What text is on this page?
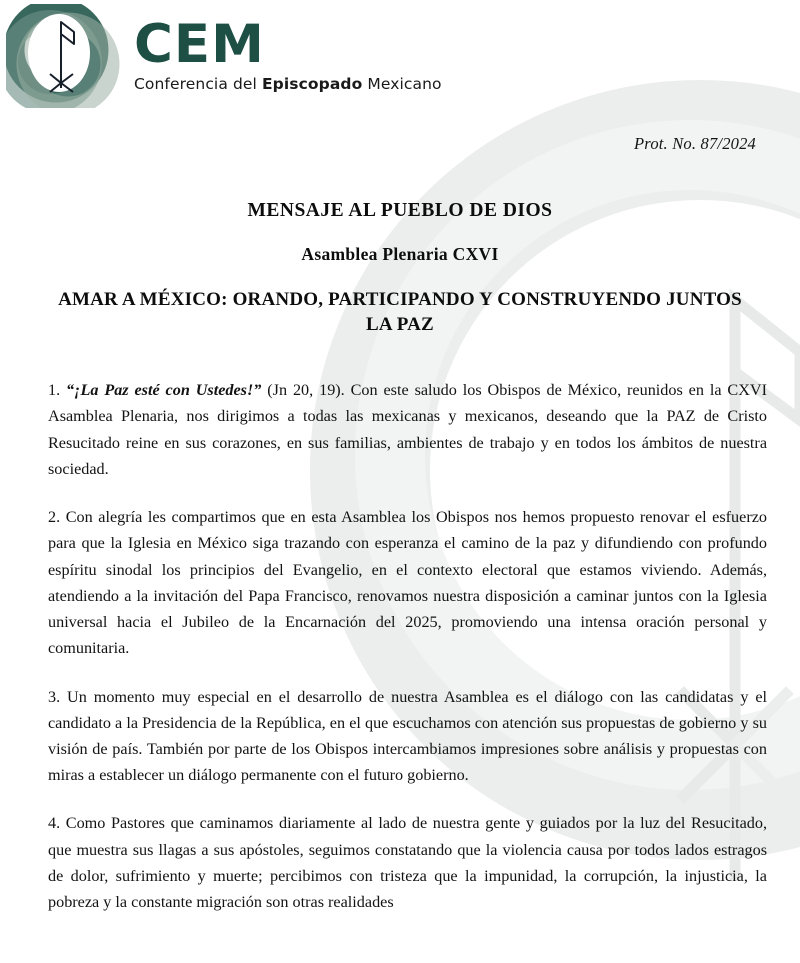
CEM
Conferencia del Episcopado Mexicano
Prot. No. 87/2024
MENSAJE AL PUEBLO DE DIOS
Asamblea Plenaria CXVI
AMAR A MÉXICO: ORANDO, PARTICIPANDO Y CONSTRUYENDO JUNTOS LA PAZ

1. “¡La Paz esté con Ustedes!” (Jn 20, 19). Con este saludo los Obispos de México, reunidos en la CXVI Asamblea Plenaria, nos dirigimos a todas las mexicanas y mexicanos, deseando que la PAZ de Cristo Resucitado reine en sus corazones, en sus familias, ambientes de trabajo y en todos los ámbitos de nuestra sociedad.

2. Con alegría les compartimos que en esta Asamblea los Obispos nos hemos propuesto renovar el esfuerzo para que la Iglesia en México siga trazando con esperanza el camino de la paz y difundiendo con profundo espíritu sinodal los principios del Evangelio, en el contexto electoral que estamos viviendo. Además, atendiendo a la invitación del Papa Francisco, renovamos nuestra disposición a caminar juntos con la Iglesia universal hacia el Jubileo de la Encarnación del 2025, promoviendo una intensa oración personal y comunitaria.

3. Un momento muy especial en el desarrollo de nuestra Asamblea es el diálogo con las candidatas y el candidato a la Presidencia de la República, en el que escuchamos con atención sus propuestas de gobierno y su visión de país. También por parte de los Obispos intercambiamos impresiones sobre análisis y propuestas con miras a establecer un diálogo permanente con el futuro gobierno.

4. Como Pastores que caminamos diariamente al lado de nuestra gente y guiados por la luz del Resucitado, que muestra sus llagas a sus apóstoles, seguimos constatando que la violencia causa por todos lados estragos de dolor, sufrimiento y muerte; percibimos con tristeza que la impunidad, la corrupción, la injusticia, la pobreza y la constante migración son otras realidades
